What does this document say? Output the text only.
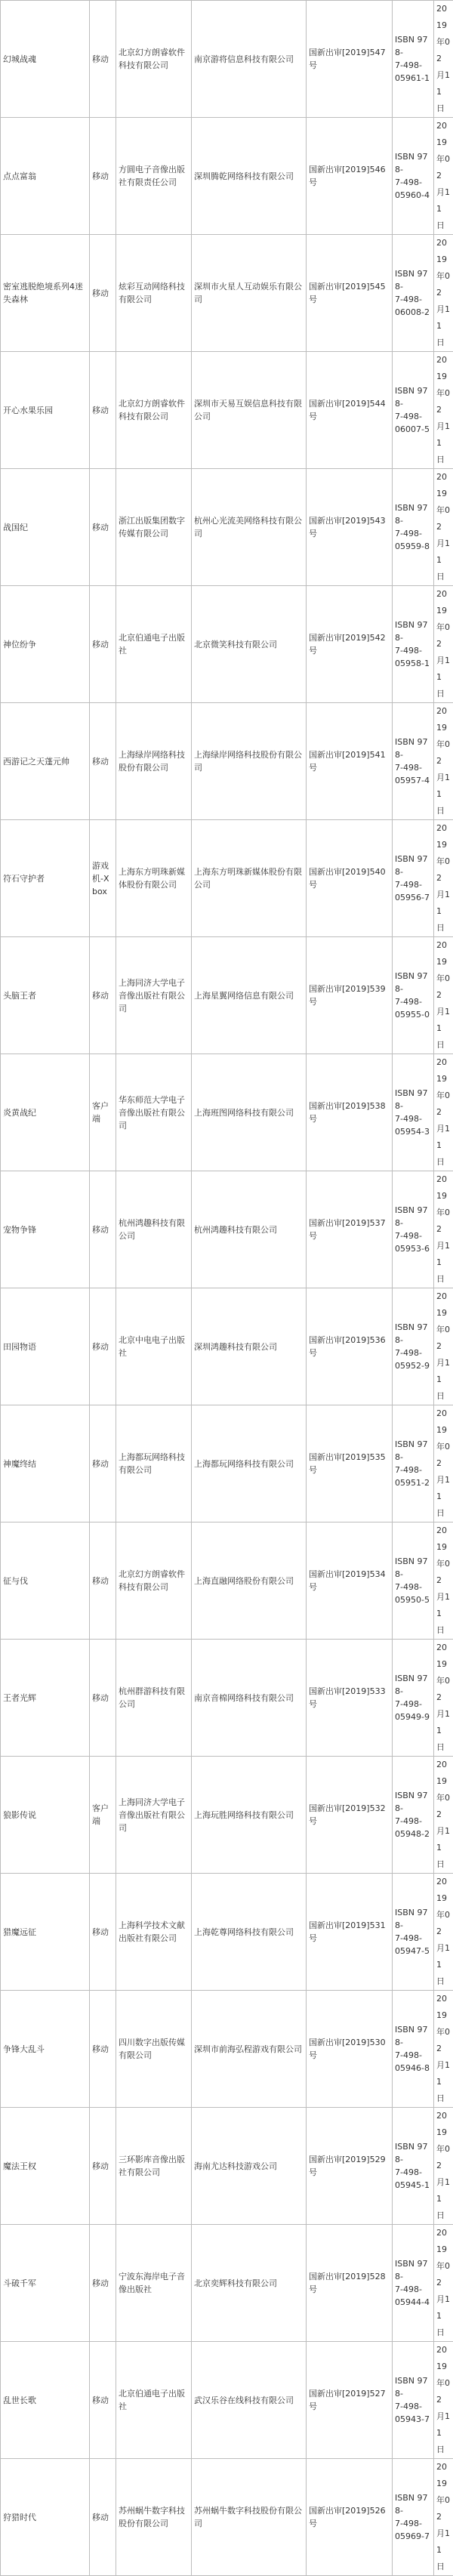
幻城战魂	移动	北京幻方朗睿软件科技有限公司	南京游将信息科技有限公司	国新出审[2019]547号	ISBN 978-
7-498-
05961-1	2019
年02
月11
日

点点富翁	移动	方圆电子音像出版社有限责任公司	深圳腾乾网络科技有限公司	国新出审[2019]546号	ISBN 978-
7-498-
05960-4	2019
年02
月11
日

密室逃脱绝境系列4迷失森林	移动	炫彩互动网络科技有限公司	深圳市火星人互动娱乐有限公司	国新出审[2019]545号	ISBN 978-
7-498-
06008-2	2019
年02
月11
日

开心水果乐园	移动	北京幻方朗睿软件科技有限公司	深圳市天易互娱信息科技有限公司	国新出审[2019]544号	ISBN 978-
7-498-
06007-5	2019
年02
月11
日

战国纪	移动	浙江出版集团数字传媒有限公司	杭州心光流美网络科技有限公司	国新出审[2019]543号	ISBN 978-
7-498-
05959-8	2019
年02
月11
日

神位纷争	移动	北京伯通电子出版社	北京微笑科技有限公司	国新出审[2019]542号	ISBN 978-
7-498-
05958-1	2019
年02
月11
日

西游记之天蓬元帅	移动	上海绿岸网络科技股份有限公司	上海绿岸网络科技股份有限公司	国新出审[2019]541号	ISBN 978-
7-498-
05957-4	2019
年02
月11
日

符石守护者	游戏机-Xbox	上海东方明珠新媒体股份有限公司	上海东方明珠新媒体股份有限公司	国新出审[2019]540号	ISBN 978-
7-498-
05956-7	2019
年02
月11
日

头脑王者	移动	上海同济大学电子音像出版社有限公司	上海星翼网络信息有限公司	国新出审[2019]539号	ISBN 978-
7-498-
05955-0	2019
年02
月11
日

炎黄战纪	客户端	华东师范大学电子音像出版社有限公司	上海班图网络科技有限公司	国新出审[2019]538号	ISBN 978-
7-498-
05954-3	2019
年02
月11
日

宠物争锋	移动	杭州鸿趣科技有限公司	杭州鸿趣科技有限公司	国新出审[2019]537号	ISBN 978-
7-498-
05953-6	2019
年02
月11
日

田园物语	移动	北京中电电子出版社	深圳鸿趣科技有限公司	国新出审[2019]536号	ISBN 978-
7-498-
05952-9	2019
年02
月11
日

神魔终结	移动	上海都玩网络科技有限公司	上海都玩网络科技有限公司	国新出审[2019]535号	ISBN 978-
7-498-
05951-2	2019
年02
月11
日

征与伐	移动	北京幻方朗睿软件科技有限公司	上海直融网络股份有限公司	国新出审[2019]534号	ISBN 978-
7-498-
05950-5	2019
年02
月11
日

王者光辉	移动	杭州群游科技有限公司	南京音棉网络科技有限公司	国新出审[2019]533号	ISBN 978-
7-498-
05949-9	2019
年02
月11
日

狼影传说	客户端	上海同济大学电子音像出版社有限公司	上海玩胜网络科技有限公司	国新出审[2019]532号	ISBN 978-
7-498-
05948-2	2019
年02
月11
日

猎魔远征	移动	上海科学技术文献出版社有限公司	上海乾尊网络科技有限公司	国新出审[2019]531号	ISBN 978-
7-498-
05947-5	2019
年02
月11
日

争锋大乱斗	移动	四川数字出版传媒有限公司	深圳市前海弘程游戏有限公司	国新出审[2019]530号	ISBN 978-
7-498-
05946-8	2019
年02
月11
日

魔法王权	移动	三环影库音像出版社有限公司	海南尤达科技游戏公司	国新出审[2019]529号	ISBN 978-
7-498-
05945-1	2019
年02
月11
日

斗破千军	移动	宁波东海岸电子音像出版社	北京奕辉科技有限公司	国新出审[2019]528号	ISBN 978-
7-498-
05944-4	2019
年02
月11
日

乱世长歌	移动	北京伯通电子出版社	武汉乐谷在线科技有限公司	国新出审[2019]527号	ISBN 978-
7-498-
05943-7	2019
年02
月11
日

狩猎时代	移动	苏州蜗牛数字科技股份有限公司	苏州蜗牛数字科技股份有限公司	国新出审[2019]526号	ISBN 978-
7-498-
05969-7	2019
年02
月11
日
